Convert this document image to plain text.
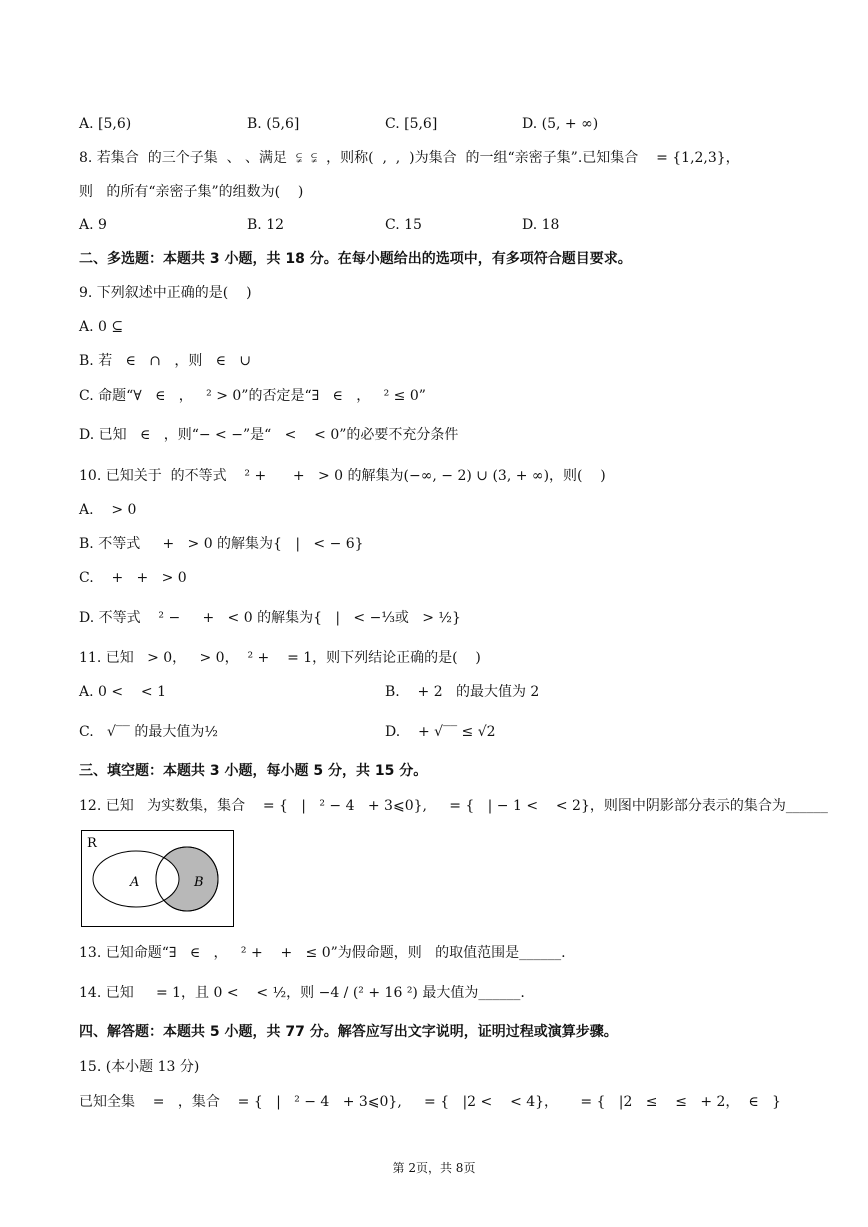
A. [5,6)	B. (5,6]	C. [5,6]	D. (5, + ∞)
8. 若集合  的三个子集  、 、满足  ⫋  ⫋  ，则称(  ,  ,  )为集合  的一组“亲密子集”.已知集合    = {1,2,3}，
则   的所有“亲密子集”的组数为(    )
A. 9	B. 12	C. 15	D. 18
二、多选题：本题共 3 小题，共 18 分。在每小题给出的选项中，有多项符合题目要求。
9. 下列叙述中正确的是(    )
A. 0 ⊆
B. 若   ∈   ∩   ，则   ∈   ∪
C. 命题“∀   ∈   ，   ² > 0”的否定是“∃   ∈   ，   ² ≤ 0”
D. 已知   ∈   ，则“− < −”是“   <    < 0”的必要不充分条件
10. 已知关于  的不等式    ² +      +   > 0 的解集为(−∞, − 2) ∪ (3, + ∞)，则(    )
A.    > 0
B. 不等式     +   > 0 的解集为{   |   < − 6}
C.    +   +   > 0
D. 不等式    ² −     +   < 0 的解集为{   |   < −⅓或   > ½}
11. 已知   > 0，   > 0，  ² +    = 1，则下列结论正确的是(    )
A. 0 <    < 1	B.    + 2   的最大值为 2
C.   √‾‾ 的最大值为½	D.    + √‾‾ ≤ √2
三、填空题：本题共 3 小题，每小题 5 分，共 15 分。
12. 已知   为实数集，集合    = {   |   ² − 4   + 3⩽0},     = {   | − 1 <    < 2}，则图中阴影部分表示的集合为______
R
A	B
13. 已知命题“∃   ∈   ，   ² +    +   ≤ 0”为假命题，则   的取值范围是______.
14. 已知     = 1，且 0 <    < ½，则 −4 / (² + 16 ²) 最大值为______.
四、解答题：本题共 5 小题，共 77 分。解答应写出文字说明，证明过程或演算步骤。
15. (本小题 13 分)
已知全集    =   ，集合    = {   |   ² − 4   + 3⩽0},     = {   |2 <    < 4}，     = {   |2   ≤    ≤   + 2，  ∈   }
第 2页，共 8页
